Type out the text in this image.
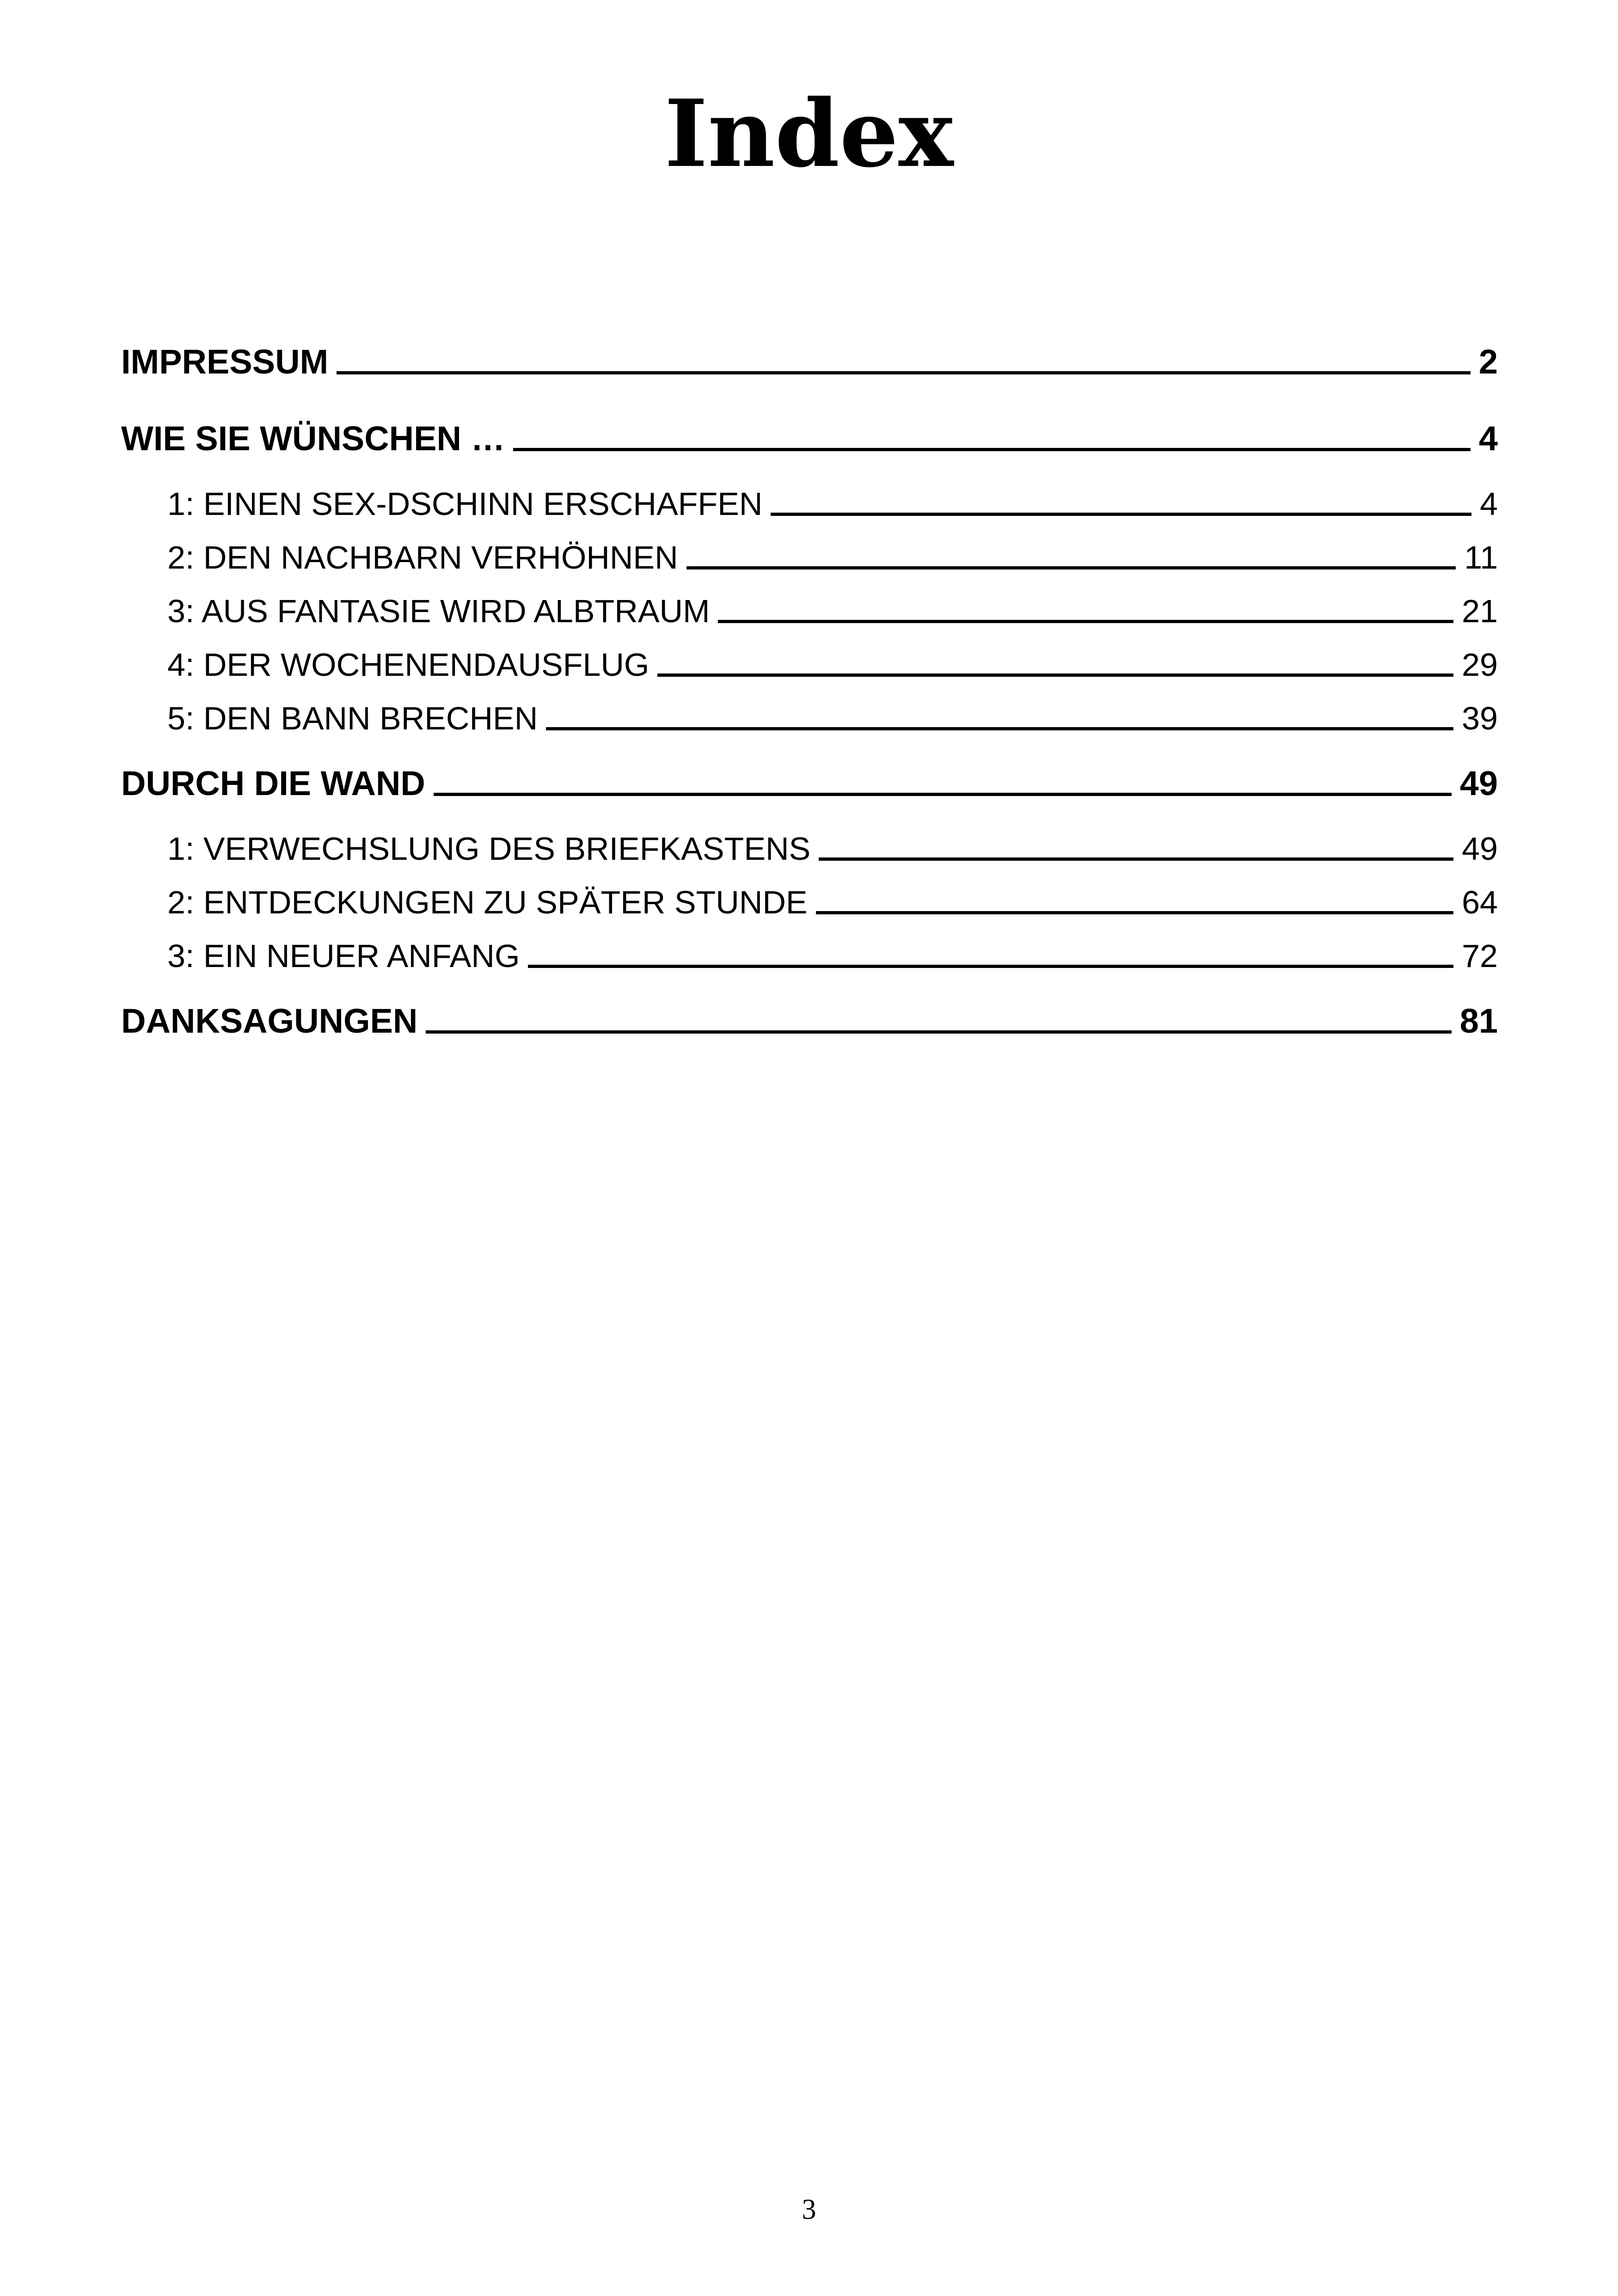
Index
IMPRESSUM	2
WIE SIE WÜNSCHEN …	4
1: EINEN SEX-DSCHINN ERSCHAFFEN	4
2: DEN NACHBARN VERHÖHNEN	11
3: AUS FANTASIE WIRD ALBTRAUM	21
4: DER WOCHENENDAUSFLUG	29
5: DEN BANN BRECHEN	39
DURCH DIE WAND	49
1: VERWECHSLUNG DES BRIEFKASTENS	49
2: ENTDECKUNGEN ZU SPÄTER STUNDE	64
3: EIN NEUER ANFANG	72
DANKSAGUNGEN	81
3
